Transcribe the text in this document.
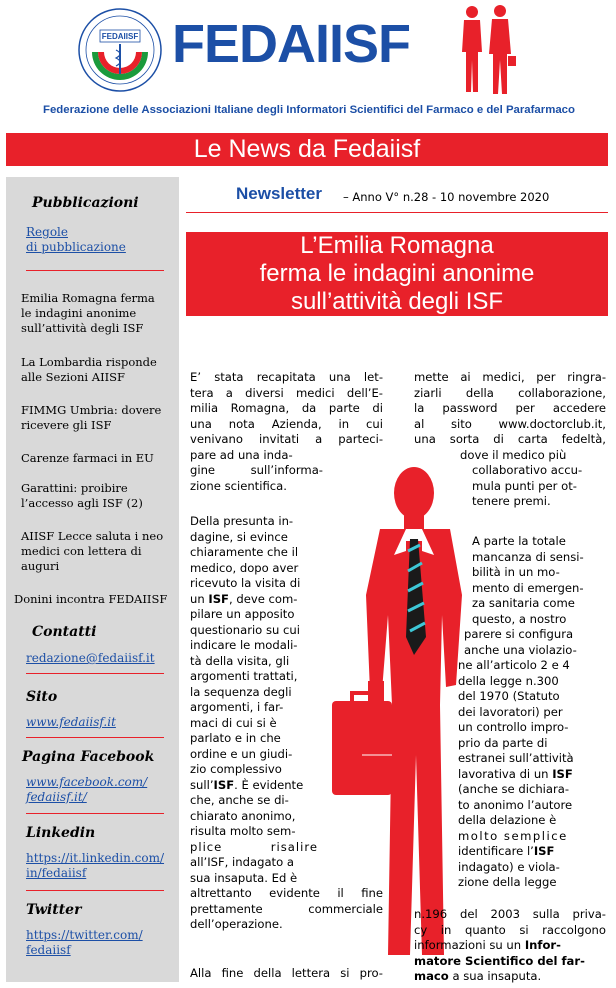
FEDAIISF FEDAIISF
Federazione delle Associazioni Italiane degli Informatori Scientifici del Farmaco e del Parafarmaco
Le News da Fedaiisf
Pubblicazioni
Regole
di pubblicazione
Emilia Romagna ferma
le indagini anonime
sull’attività degli ISF
La Lombardia risponde
alle Sezioni AIISF
FIMMG Umbria: dovere
ricevere gli ISF
Carenze farmaci in EU
Garattini: proibire
l’accesso agli ISF (2)
AIISF Lecce saluta i neo
medici con lettera di
auguri
Donini incontra FEDAIISF
Contatti
redazione@fedaiisf.it
Sito
www.fedaiisf.it
Pagina Facebook
www.facebook.com/
fedaiisf.it/
Linkedin
https://it.linkedin.com/
in/fedaiisf
Twitter
https://twitter.com/
fedaiisf
Newsletter – Anno V° n.28 - 10 novembre 2020
L’Emilia Romagna
ferma le indagini anonime
sull’attività degli ISF
E’ stata recapitata una let-
tera a diversi medici dell’E-
milia Romagna, da parte di
una nota Azienda, in cui
venivano invitati a parteci-
pare ad una inda-
gine sull’informa-
zione scientifica.
Della presunta in-
dagine, si evince
chiaramente che il
medico, dopo aver
ricevuto la visita di
un ISF, deve com-
pilare un apposito
questionario su cui
indicare le modali-
tà della visita, gli
argomenti trattati,
la sequenza degli
argomenti, i far-
maci di cui si è
parlato e in che
ordine e un giudi-
zio complessivo
sull’ISF. È evidente
che, anche se di-
chiarato anonimo,
risulta molto sem-
plice risalire
all’ISF, indagato a
sua insaputa. Ed è
altrettanto evidente il fine
prettamente commerciale
dell’operazione.
Alla fine della lettera si pro-
mette ai medici, per ringra-
ziarli della collaborazione,
la password per accedere
al sito www.doctorclub.it,
una sorta di carta fedeltà,
dove il medico più
collaborativo accu-
mula punti per ot-
tenere premi.
A parte la totale
mancanza di sensi-
bilità in un mo-
mento di emergen-
za sanitaria come
questo, a nostro
parere si configura
anche una violazio-
ne all’articolo 2 e 4
della legge n.300
del 1970 (Statuto
dei lavoratori) per
un controllo impro-
prio da parte di
estranei sull’attività
lavorativa di un ISF
(anche se dichiara-
to anonimo l’autore
della delazione è
molto semplice
identificare l’ISF
indagato) e viola-
zione della legge
n.196 del 2003 sulla priva-
cy in quanto si raccolgono
informazioni su un Infor-
matore Scientifico del far-
maco a sua insaputa.
